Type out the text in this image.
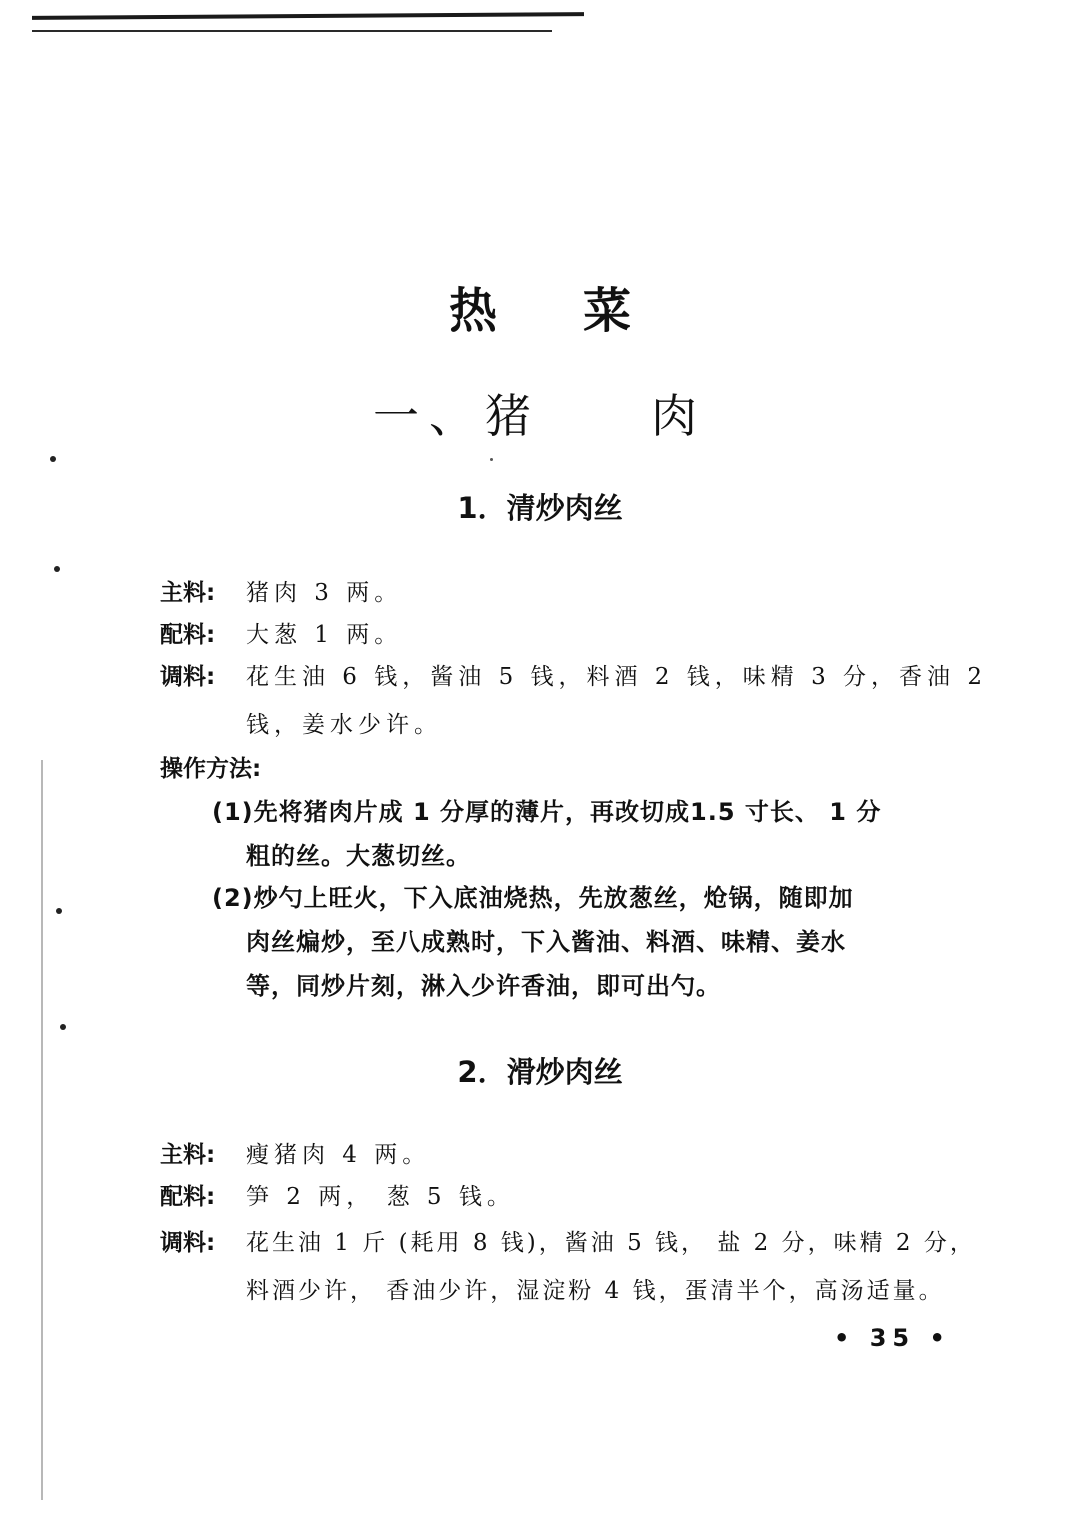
热菜
一、猪 肉
1．清炒肉丝
主料: 猪肉 3 两。
配料: 大葱 1 两。
调料: 花生油 6 钱，酱油 5 钱，料酒 2 钱，味精 3 分，香油 2
钱，姜水少许。
操作方法:
(1)先将猪肉片成 1 分厚的薄片，再改切成1.5 寸长、 1 分
粗的丝。大葱切丝。
(2)炒勺上旺火，下入底油烧热，先放葱丝，炝锅，随即加
肉丝煸炒，至八成熟时，下入酱油、料酒、味精、姜水
等，同炒片刻，淋入少许香油，即可出勺。
2．滑炒肉丝
主料: 瘦猪肉 4 两。
配料: 笋 2 两， 葱 5 钱。
调料: 花生油 1 斤 (耗用 8 钱)，酱油 5 钱， 盐 2 分，味精 2 分，
料酒少许， 香油少许，湿淀粉 4 钱，蛋清半个，高汤适量。
• 35 •
